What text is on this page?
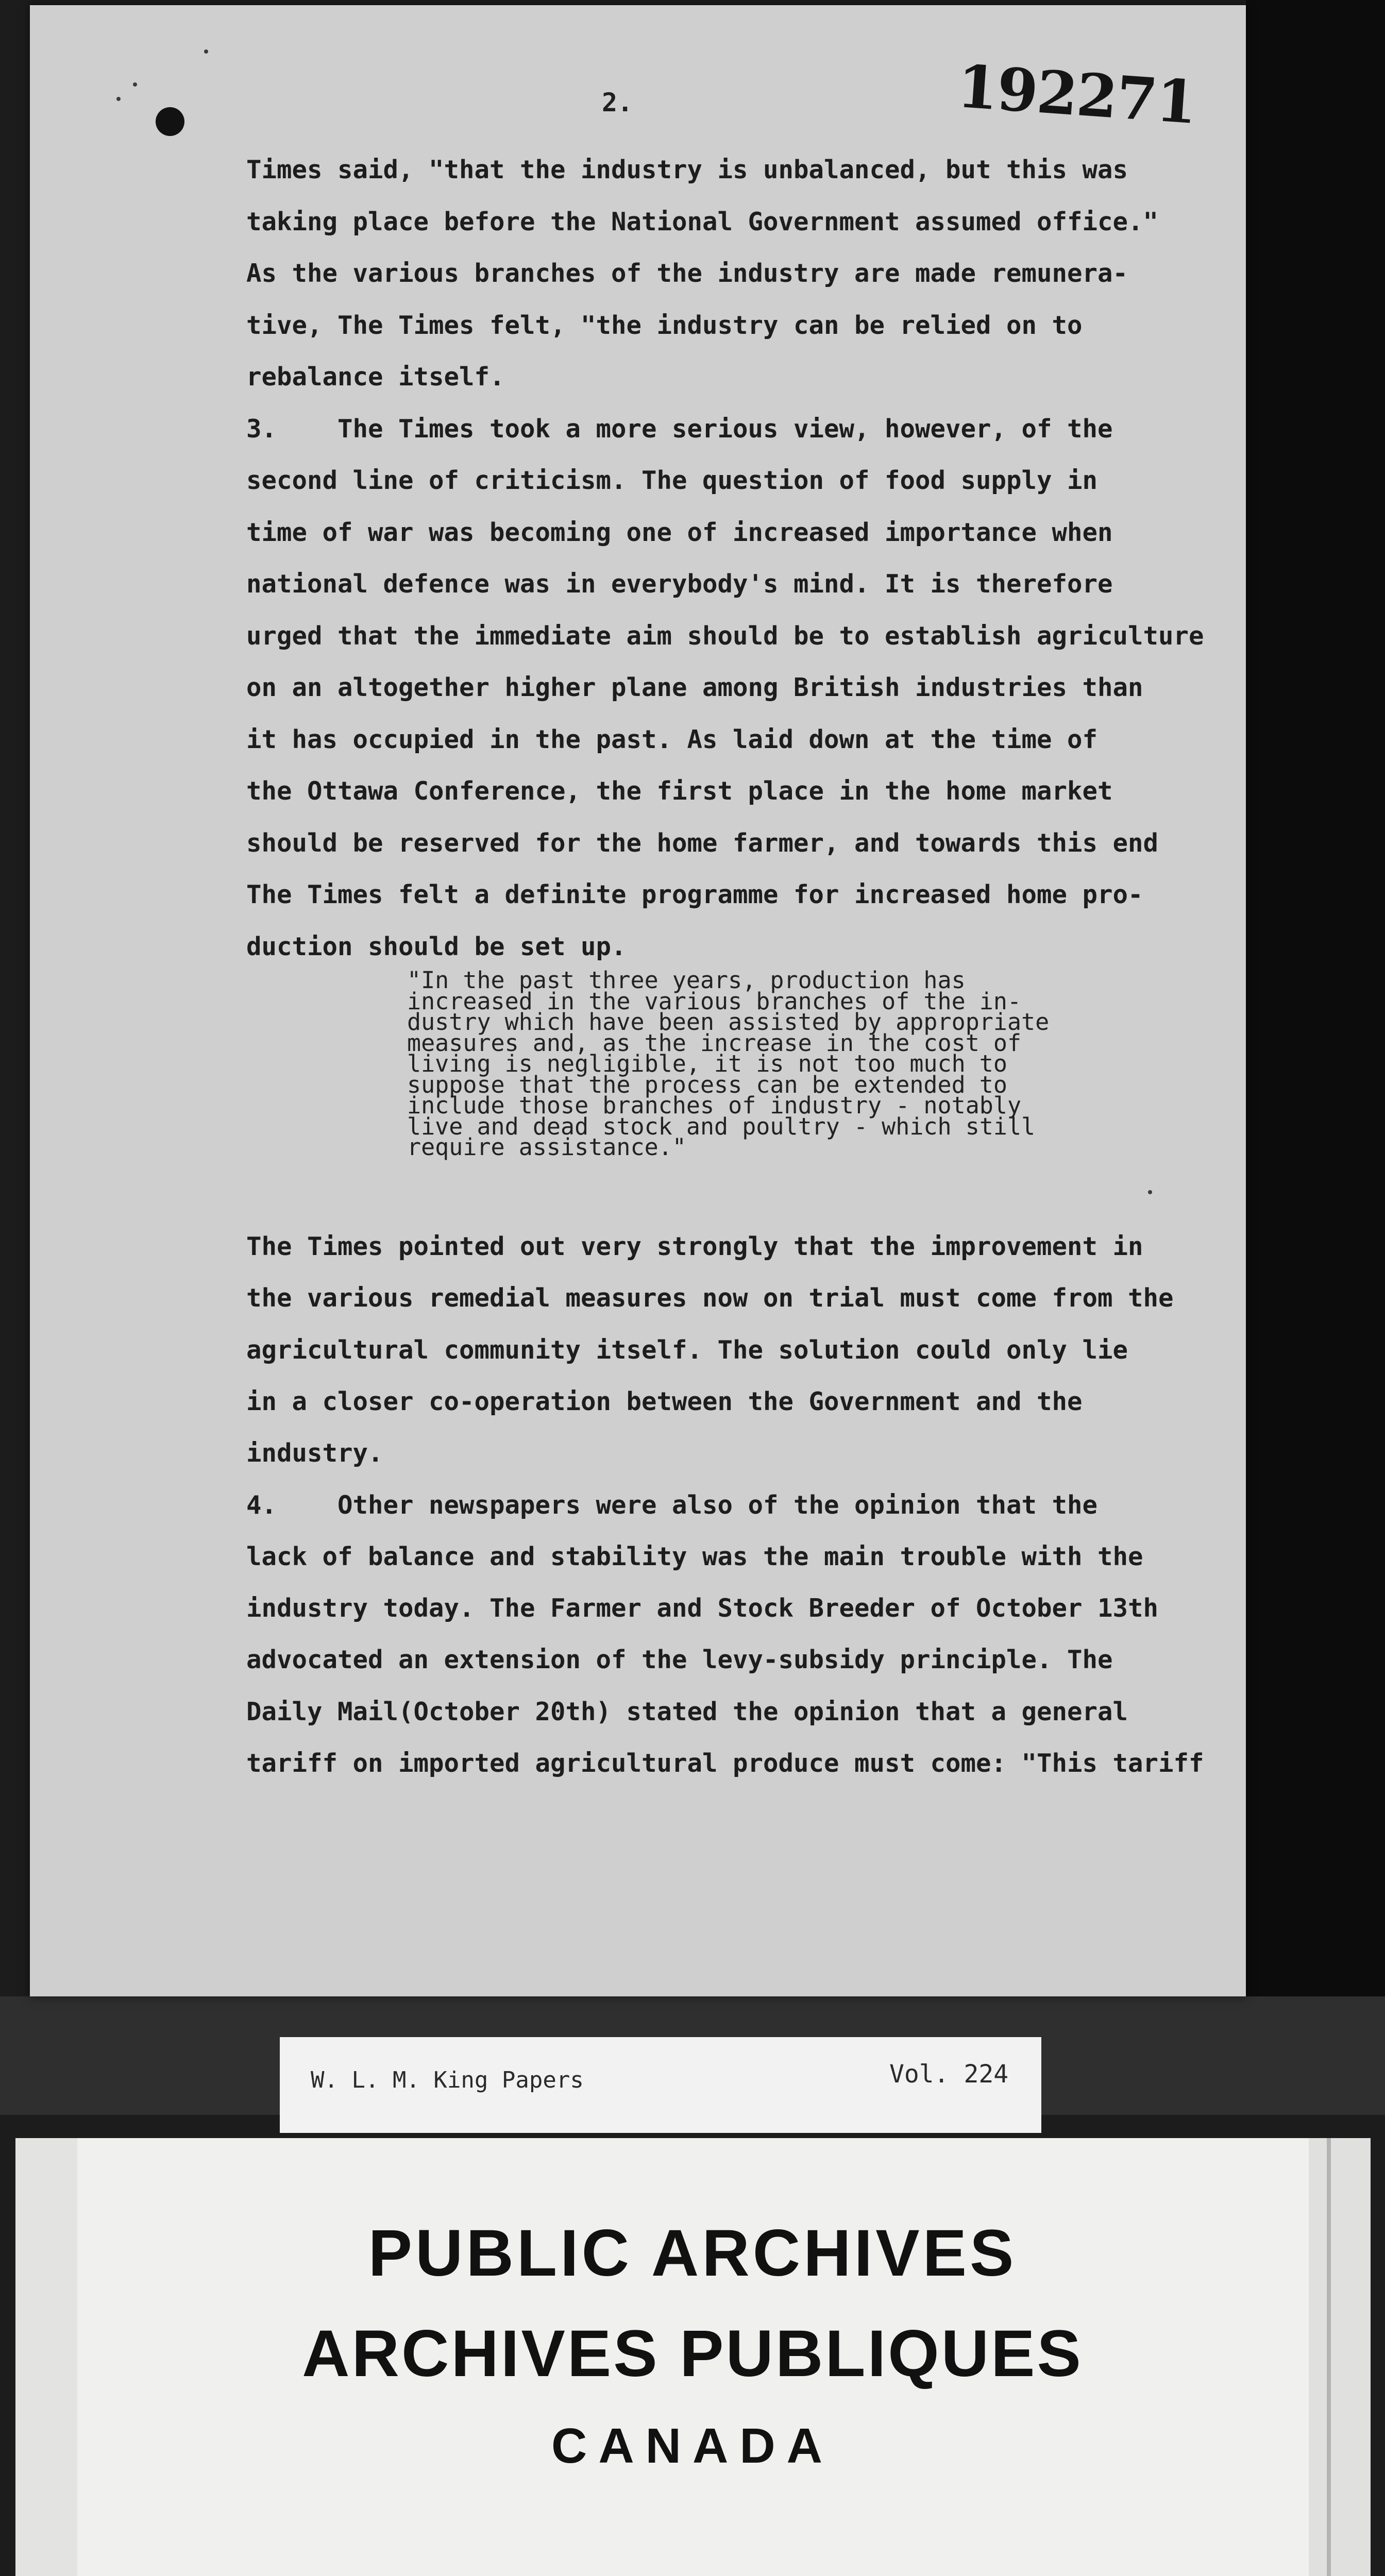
2.	192271

Times said, "that the industry is unbalanced, but this was

taking place before the National Government assumed office."

As the various branches of the industry are made remunera-

tive, The Times felt, "the industry can be relied on to

rebalance itself.

3.    The Times took a more serious view, however, of the

second line of criticism. The question of food supply in

time of war was becoming one of increased importance when

national defence was in everybody's mind. It is therefore

urged that the immediate aim should be to establish agriculture

on an altogether higher plane among British industries than

it has occupied in the past. As laid down at the time of

the Ottawa Conference, the first place in the home market

should be reserved for the home farmer, and towards this end

The Times felt a definite programme for increased home pro-

duction should be set up.

"In the past three years, production has

increased in the various branches of the in-

dustry which have been assisted by appropriate

measures and, as the increase in the cost of

living is negligible, it is not too much to

suppose that the process can be extended to

include those branches of industry - notably

live and dead stock and poultry - which still

require assistance."

The Times pointed out very strongly that the improvement in

the various remedial measures now on trial must come from the

agricultural community itself. The solution could only lie

in a closer co-operation between the Government and the

industry.

4.    Other newspapers were also of the opinion that the

lack of balance and stability was the main trouble with the

industry today. The Farmer and Stock Breeder of October 13th

advocated an extension of the levy-subsidy principle. The

Daily Mail(October 20th) stated the opinion that a general

tariff on imported agricultural produce must come: "This tariff

W. L. M. King Papers	Vol. 224

PUBLIC ARCHIVES

ARCHIVES PUBLIQUES

CANADA
